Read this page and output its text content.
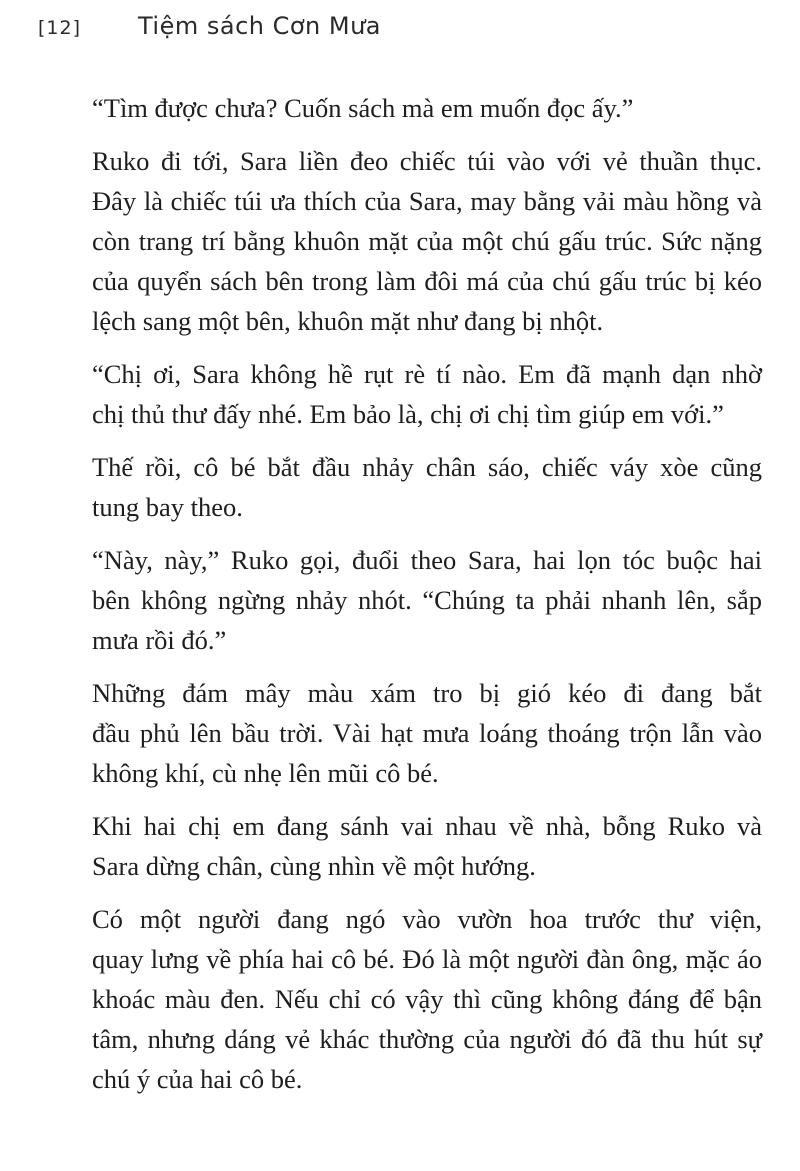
[12]	Tiệm sách Cơn Mưa

“Tìm được chưa? Cuốn sách mà em muốn đọc ấy.”

Ruko đi tới, Sara liền đeo chiếc túi vào với vẻ thuần thục.
Đây là chiếc túi ưa thích của Sara, may bằng vải màu hồng và
còn trang trí bằng khuôn mặt của một chú gấu trúc. Sức nặng
của quyển sách bên trong làm đôi má của chú gấu trúc bị kéo
lệch sang một bên, khuôn mặt như đang bị nhột.

“Chị ơi, Sara không hề rụt rè tí nào. Em đã mạnh dạn nhờ
chị thủ thư đấy nhé. Em bảo là, chị ơi chị tìm giúp em với.”

Thế rồi, cô bé bắt đầu nhảy chân sáo, chiếc váy xòe cũng
tung bay theo.

“Này, này,” Ruko gọi, đuổi theo Sara, hai lọn tóc buộc hai
bên không ngừng nhảy nhót. “Chúng ta phải nhanh lên, sắp
mưa rồi đó.”

Những đám mây màu xám tro bị gió kéo đi đang bắt
đầu phủ lên bầu trời. Vài hạt mưa loáng thoáng trộn lẫn vào
không khí, cù nhẹ lên mũi cô bé.

Khi hai chị em đang sánh vai nhau về nhà, bỗng Ruko và
Sara dừng chân, cùng nhìn về một hướng.

Có một người đang ngó vào vườn hoa trước thư viện,
quay lưng về phía hai cô bé. Đó là một người đàn ông, mặc áo
khoác màu đen. Nếu chỉ có vậy thì cũng không đáng để bận
tâm, nhưng dáng vẻ khác thường của người đó đã thu hút sự
chú ý của hai cô bé.
